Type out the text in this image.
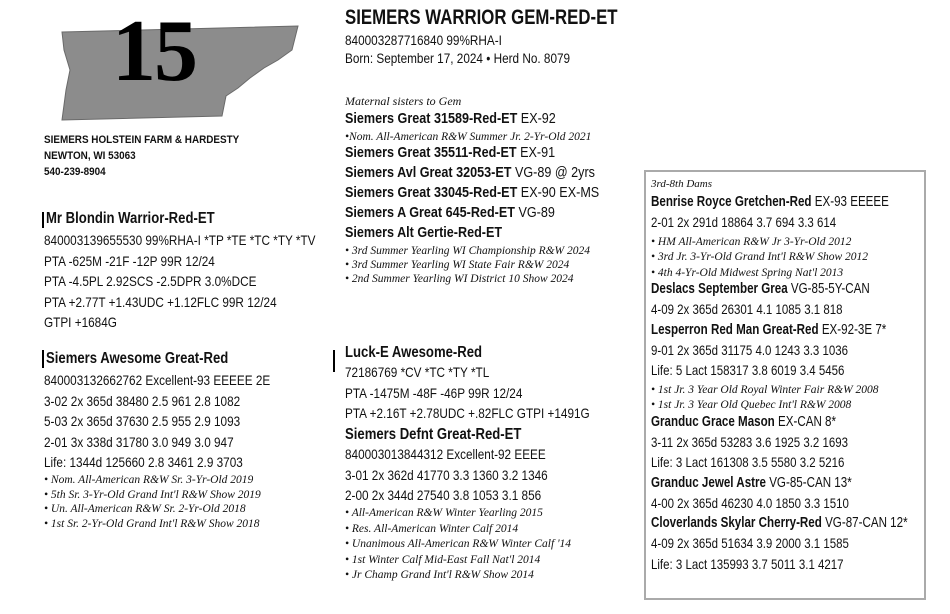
15
SIEMERS HOLSTEIN FARM & HARDESTY
NEWTON, WI 53063
540-239-8904
SIEMERS WARRIOR GEM-RED-ET
840003287716840 99%RHA-I
Born: September 17, 2024 • Herd No. 8079
Maternal sisters to Gem
Siemers Great 31589-Red-ET EX-92
•Nom. All-American R&W Summer Jr. 2-Yr-Old 2021
Siemers Great 35511-Red-ET EX-91
Siemers Avl Great 32053-ET VG-89 @ 2yrs
Siemers Great 33045-Red-ET EX-90 EX-MS
Siemers A Great 645-Red-ET VG-89
Siemers Alt Gertie-Red-ET
• 3rd Summer Yearling WI Championship R&W 2024
• 3rd Summer Yearling WI State Fair R&W 2024
• 2nd Summer Yearling WI District 10 Show 2024
Mr Blondin Warrior-Red-ET
840003139655530 99%RHA-I *TP *TE *TC *TY *TV
PTA -625M -21F -12P 99R 12/24
PTA -4.5PL 2.92SCS -2.5DPR 3.0%DCE
PTA +2.77T +1.43UDC +1.12FLC 99R 12/24
GTPI +1684G
Siemers Awesome Great-Red
840003132662762 Excellent-93 EEEEE 2E
3-02 2x 365d 38480 2.5 961 2.8 1082
5-03 2x 365d 37630 2.5 955 2.9 1093
2-01 3x 338d 31780 3.0 949 3.0 947
Life: 1344d 125660 2.8 3461 2.9 3703
• Nom. All-American R&W Sr. 3-Yr-Old 2019
• 5th Sr. 3-Yr-Old Grand Int'l R&W Show 2019
• Un. All-American R&W Sr. 2-Yr-Old 2018
• 1st Sr. 2-Yr-Old Grand Int'l R&W Show 2018
Luck-E Awesome-Red
72186769 *CV *TC *TY *TL
PTA -1475M -48F -46P 99R 12/24
PTA +2.16T +2.78UDC +.82FLC GTPI +1491G
Siemers Defnt Great-Red-ET
840003013844312 Excellent-92 EEEE
3-01 2x 362d 41770 3.3 1360 3.2 1346
2-00 2x 344d 27540 3.8 1053 3.1 856
• All-American R&W Winter Yearling 2015
• Res. All-American Winter Calf 2014
• Unanimous All-American R&W Winter Calf '14
• 1st Winter Calf Mid-East Fall Nat'l 2014
• Jr Champ Grand Int'l R&W Show 2014
3rd-8th Dams
Benrise Royce Gretchen-Red EX-93 EEEEE
2-01 2x 291d 18864 3.7 694 3.3 614
• HM All-American R&W Jr 3-Yr-Old 2012
• 3rd Jr. 3-Yr-Old Grand Int'l R&W Show 2012
• 4th 4-Yr-Old Midwest Spring Nat'l 2013
Deslacs September Grea VG-85-5Y-CAN
4-09 2x 365d 26301 4.1 1085 3.1 818
Lesperron Red Man Great-Red EX-92-3E 7*
9-01 2x 365d 31175 4.0 1243 3.3 1036
Life: 5 Lact 158317 3.8 6019 3.4 5456
• 1st Jr. 3 Year Old Royal Winter Fair R&W 2008
• 1st Jr. 3 Year Old Quebec Int'l R&W 2008
Granduc Grace Mason EX-CAN 8*
3-11 2x 365d 53283 3.6 1925 3.2 1693
Life: 3 Lact 161308 3.5 5580 3.2 5216
Granduc Jewel Astre VG-85-CAN 13*
4-00 2x 365d 46230 4.0 1850 3.3 1510
Cloverlands Skylar Cherry-Red VG-87-CAN 12*
4-09 2x 365d 51634 3.9 2000 3.1 1585
Life: 3 Lact 135993 3.7 5011 3.1 4217
